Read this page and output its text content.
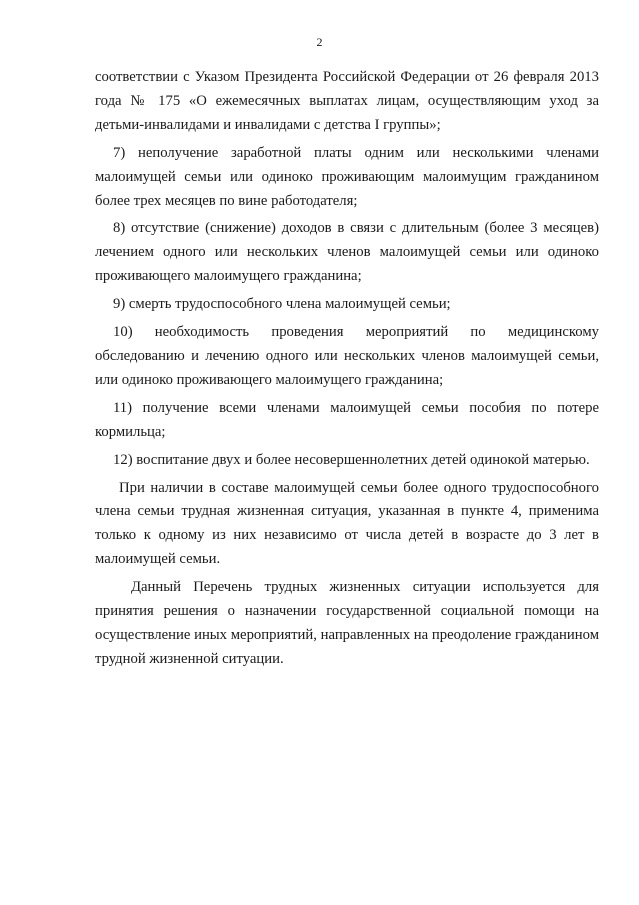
2

соответствии с Указом Президента Российской Федерации от 26 февраля 2013 года № 175 «О ежемесячных выплатах лицам, осуществляющим уход за детьми-инвалидами и инвалидами с детства I группы»;

7) неполучение заработной платы одним или несколькими членами малоимущей семьи или одиноко проживающим малоимущим гражданином более трех месяцев по вине работодателя;

8) отсутствие (снижение) доходов в связи с длительным (более 3 месяцев) лечением одного или нескольких членов малоимущей семьи или одиноко проживающего малоимущего гражданина;

9) смерть трудоспособного члена малоимущей семьи;

10) необходимость проведения мероприятий по медицинскому обследованию и лечению одного или нескольких членов малоимущей семьи, или одиноко проживающего малоимущего гражданина;

11) получение всеми членами малоимущей семьи пособия по потере кормильца;

12) воспитание двух и более несовершеннолетних детей одинокой матерью.

При наличии в составе малоимущей семьи более одного трудоспособного члена семьи трудная жизненная ситуация, указанная в пункте 4, применима только к одному из них независимо от числа детей в возрасте до 3 лет в малоимущей семьи.

Данный Перечень трудных жизненных ситуации используется для принятия решения о назначении государственной социальной помощи на осуществление иных мероприятий, направленных на преодоление гражданином трудной жизненной ситуации.
